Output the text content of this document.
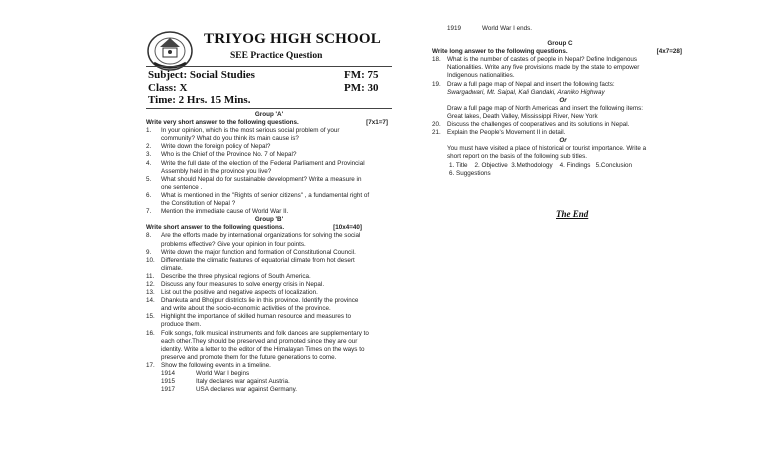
TRIYOG HIGH SCHOOL
SEE Practice Question
Subject: Social Studies
Class: X
Time: 2 Hrs. 15 Mins.
FM: 75
PM: 30
Group 'A'
Write very short answer to the following questions.	[7x1=7]
1.	In your opinion, which is the most serious social problem of your
community? What do you think its main cause is?
2.	Write down the foreign policy of Nepal?
3.	Who is the Chief of the Province No. 7 of Nepal?
4.	Write the full date of the election of the Federal Parliament and Provincial
Assembly held in the province you live?
5.	What should Nepal do for sustainable development? Write a measure in
one sentence .
6.	What is mentioned in the "Rights of senior citizens" , a fundamental right of
the Constitution of Nepal ?
7.	Mention the immediate cause of World War II.
Group 'B'
Write short answer to the following questions.	[10x4=40]
8.	Are the efforts made by international organizations for solving the social
problems effective? Give your opinion in four points.
9.	Write down the major function and formation of Constitutional Council.
10. Differentiate the climatic features of equatorial climate from hot desert
climate.
11.	Describe the three physical regions of South America.
12. Discuss any four measures to solve energy crisis in Nepal.
13. List out the positive and negative aspects of localization.
14. Dhankuta and Bhojpur districts lie in this province. Identify the province
and write about the socio-economic activities of the province.
15. Highlight the importance of skilled human resource and measures to
produce them.
16. Folk songs, folk musical instruments and folk dances are supplementary to
each other.They should be preserved and promoted since they are our
identity. Write a letter to the editor of the Himalayan Times on the ways to
preserve and promote them for the future generations to come.
17. Show the following events in a timeline.
1914	World War I begins
1915	Italy declares war against Austria.
1917	USA declares war against Germany.
1919	World War I ends.
Group C
Write long answer to the following questions.	[4x7=28]
18. What is the number of castes of people in Nepal? Define Indigenous
Nationalities. Write any five provisions made by the state to empower
Indigenous nationalities.
19. Draw a full page map of Nepal and insert the following facts:
Swargadwari, Mt. Saipal, Kali Gandaki, Araniko Highway
Or
Draw a full page map of North Americas and insert the following items:
Great lakes, Death Valley, Mississippi River, New York
20. Discuss the challenges of cooperatives and its solutions in Nepal.
21. Explain the People's Movement II in detail.
Or
You must have visited a place of historical or tourist importance. Write a
short report on the basis of the following sub titles.
1. Title    2. Objective  3.Methodology    4. Findings   5.Conclusion
6. Suggestions
The End
